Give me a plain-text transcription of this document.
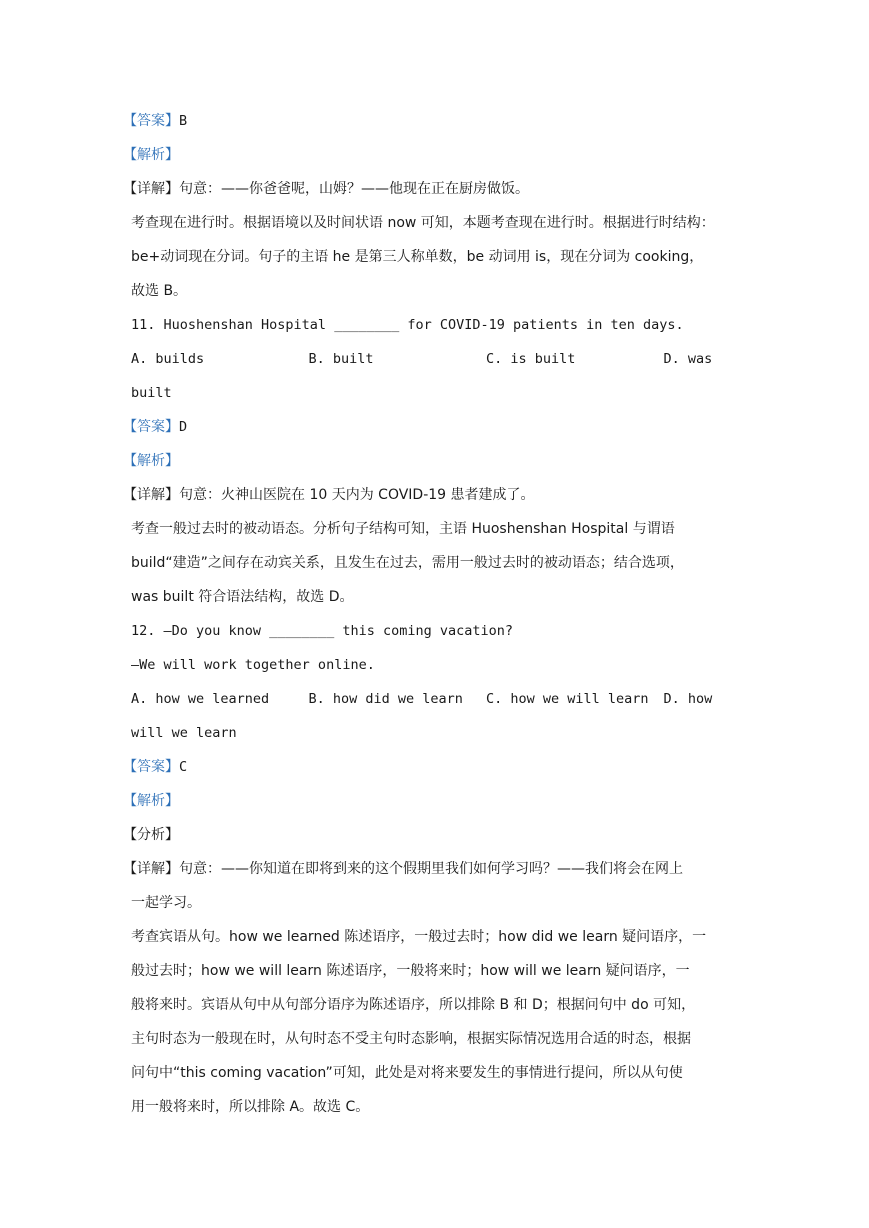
【答案】B
【解析】
【详解】句意：——你爸爸呢，山姆？——他现在正在厨房做饭。
考查现在进行时。根据语境以及时间状语 now 可知，本题考查现在进行时。根据进行时结构：
be+动词现在分词。句子的主语 he 是第三人称单数，be 动词用 is，现在分词为 cooking，
故选 B。
11. Huoshenshan Hospital ________ for COVID-19 patients in ten days.
A. builds	B. built	C. is built	D. was
built
【答案】D
【解析】
【详解】句意：火神山医院在 10 天内为 COVID-19 患者建成了。
考查一般过去时的被动语态。分析句子结构可知，主语 Huoshenshan Hospital 与谓语
build“建造”之间存在动宾关系，且发生在过去，需用一般过去时的被动语态；结合选项，
was built 符合语法结构，故选 D。
12. —Do you know ________ this coming vacation?
—We will work together online.
A. how we learned	B. how did we learn	C. how we will learn	D. how
will we learn
【答案】C
【解析】
【分析】
【详解】句意：——你知道在即将到来的这个假期里我们如何学习吗？——我们将会在网上
一起学习。
考查宾语从句。how we learned 陈述语序，一般过去时；how did we learn 疑问语序，一
般过去时；how we will learn 陈述语序，一般将来时；how will we learn 疑问语序，一
般将来时。宾语从句中从句部分语序为陈述语序，所以排除 B 和 D；根据问句中 do 可知，
主句时态为一般现在时，从句时态不受主句时态影响，根据实际情况选用合适的时态，根据
问句中“this coming vacation”可知，此处是对将来要发生的事情进行提问，所以从句使
用一般将来时，所以排除 A。故选 C。
